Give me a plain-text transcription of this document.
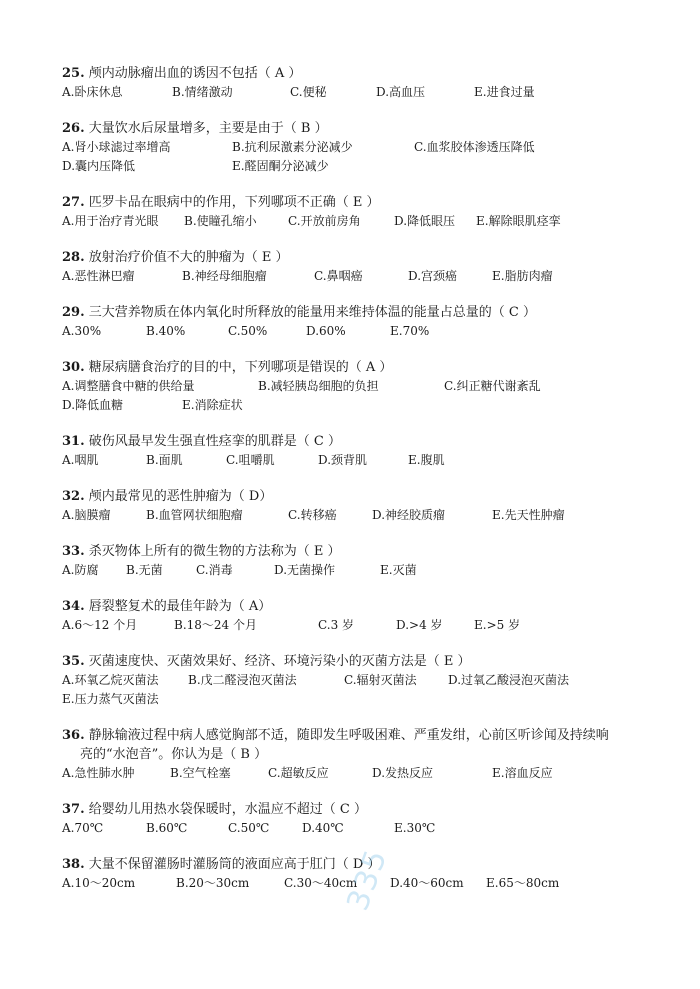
25. 颅内动脉瘤出血的诱因不包括（ A ）
A.卧床休息	B.情绪激动	C.便秘	D.高血压	E.进食过量
26. 大量饮水后尿量增多，主要是由于（ B ）
A.肾小球滤过率增高	B.抗利尿激素分泌减少	C.血浆胶体渗透压降低
D.囊内压降低	E.醛固酮分泌减少
27. 匹罗卡品在眼病中的作用，下列哪项不正确（ E ）
A.用于治疗青光眼 B.使瞳孔缩小	C.开放前房角	D.降低眼压 E.解除眼肌痉挛
28. 放射治疗价值不大的肿瘤为（ E ）
A.恶性淋巴瘤	B.神经母细胞瘤	C.鼻咽癌	D.宫颈癌	E.脂肪肉瘤
29. 三大营养物质在体内氧化时所释放的能量用来维持体温的能量占总量的（ C ）
A.30%	B.40%	C.50%	D.60%	E.70%
30. 糖尿病膳食治疗的目的中，下列哪项是错误的（ A ）
A.调整膳食中糖的供给量	B.减轻胰岛细胞的负担	C.纠正糖代谢紊乱
D.降低血糖	E.消除症状
31. 破伤风最早发生强直性痉挛的肌群是（ C ）
A.咽肌	B.面肌	C.咀嚼肌	D.颈背肌	E.腹肌
32. 颅内最常见的恶性肿瘤为（ D）
A.脑膜瘤	B.血管网状细胞瘤	C.转移癌	D.神经胶质瘤	E.先天性肿瘤
33. 杀灭物体上所有的微生物的方法称为（ E ）
A.防腐 B.无菌	C.消毒	D.无菌操作	E.灭菌
34. 唇裂整复术的最佳年龄为（ A）
A.6～12 个月	B.18～24 个月	C.3 岁	D.>4 岁	E.>5 岁
35. 灭菌速度快、灭菌效果好、经济、环境污染小的灭菌方法是（ E ）
A.环氧乙烷灭菌法 B.戊二醛浸泡灭菌法	C.辐射灭菌法	D.过氧乙酸浸泡灭菌法
E.压力蒸气灭菌法
36. 静脉输液过程中病人感觉胸部不适，随即发生呼吸困难、严重发绀，心前区听诊闻及持续响
亮的“水泡音”。你认为是（ B ）
A.急性肺水肿	B.空气栓塞	C.超敏反应	D.发热反应	E.溶血反应
37. 给婴幼儿用热水袋保暖时，水温应不超过（ C ）
A.70℃	B.60℃	C.50℃	D.40℃	E.30℃
38. 大量不保留灌肠时灌肠筒的液面应高于肛门（ D ）
A.10～20cm	B.20～30cm	C.30～40cm	D.40～60cm E.65～80cm
335
